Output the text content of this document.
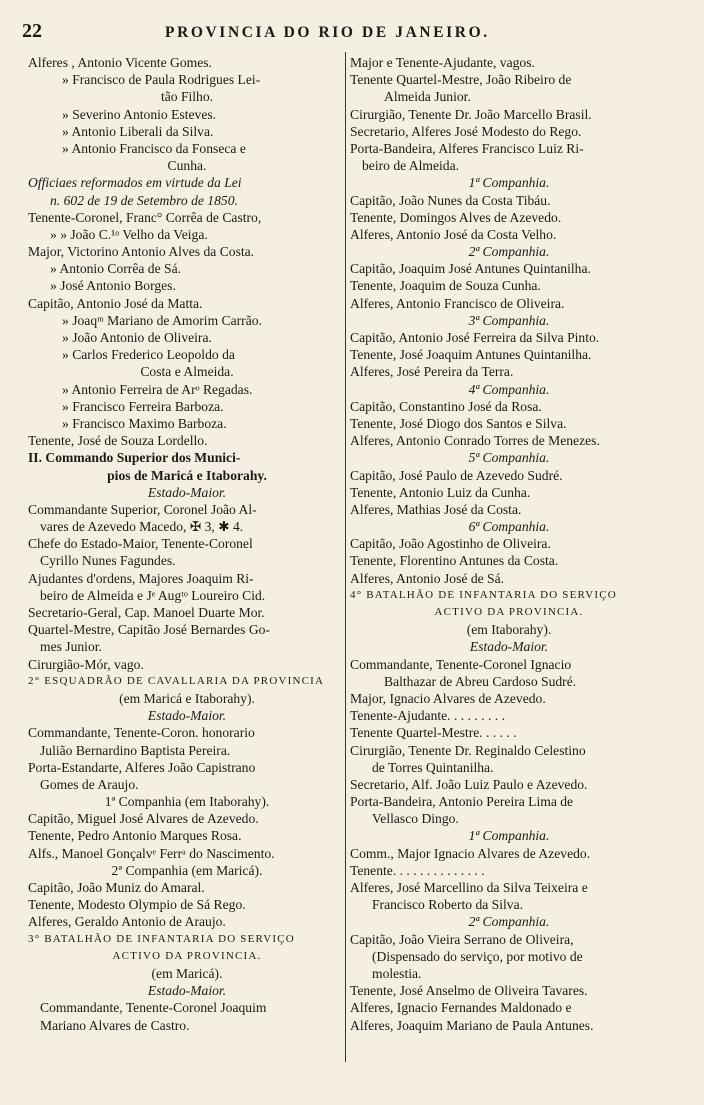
22	PROVINCIA DO RIO DE JANEIRO.
Alferes , Antonio Vicente Gomes.
» Francisco de Paula Rodrigues Lei-
tão Filho.
» Severino Antonio Esteves.
» Antonio Liberali da Silva.
» Antonio Francisco da Fonseca e
Cunha.
Officiaes reformados em virtude da Lei
n. 602 de 19 de Setembro de 1850.
Tenente-Coronel, Franc° Corrêa de Castro,
» » João C.¹ᵒ Velho da Veiga.
Major, Victorino Antonio Alves da Costa.
» Antonio Corrêa de Sá.
» José Antonio Borges.
Capitão, Antonio José da Matta.
» Joaqᵐ Mariano de Amorim Carrão.
» João Antonio de Oliveira.
» Carlos Frederico Leopoldo da
Costa e Almeida.
» Antonio Ferreira de Arᵒ Regadas.
» Francisco Ferreira Barboza.
» Francisco Maximo Barboza.
Tenente, José de Souza Lordello.
II. Commando Superior dos Munici-
pios de Maricá e Itaborahy.
Estado-Maior.
Commandante Superior, Coronel João Al-
vares de Azevedo Macedo, ✠ 3, ✱ 4.
Chefe do Estado-Maior, Tenente-Coronel
Cyrillo Nunes Fagundes.
Ajudantes d'ordens, Majores Joaquim Ri-
beiro de Almeida e Jᵉ Augᵗᵒ Loureiro Cid.
Secretario-Geral, Cap. Manoel Duarte Mor.
Quartel-Mestre, Capitão José Bernardes Go-
mes Junior.
Cirurgião-Mór, vago.
2° ESQUADRÃO DE CAVALLARIA DA PROVINCIA
(em Maricá e Itaborahy).
Estado-Maior.
Commandante, Tenente-Coron. honorario
Julião Bernardino Baptista Pereira.
Porta-Estandarte, Alferes João Capistrano
Gomes de Araujo.
1ª Companhia (em Itaborahy).
Capitão, Miguel José Alvares de Azevedo.
Tenente, Pedro Antonio Marques Rosa.
Alfs., Manoel Gonçalvᵉ Ferrᵃ do Nascimento.
2ª Companhia (em Maricá).
Capitão, João Muniz do Amaral.
Tenente, Modesto Olympio de Sá Rego.
Alferes, Geraldo Antonio de Araujo.
3° BATALHÃO DE INFANTARIA DO SERVIÇO
ACTIVO DA PROVINCIA.
(em Maricá).
Estado-Maior.
Commandante, Tenente-Coronel Joaquim
Mariano Alvares de Castro.
Major e Tenente-Ajudante, vagos.
Tenente Quartel-Mestre, João Ribeiro de
Almeida Junior.
Cirurgião, Tenente Dr. João Marcello Brasil.
Secretario, Alferes José Modesto do Rego.
Porta-Bandeira, Alferes Francisco Luiz Ri-
beiro de Almeida.
1ª Companhia.
Capitão, João Nunes da Costa Tibáu.
Tenente, Domingos Alves de Azevedo.
Alferes, Antonio José da Costa Velho.
2ª Companhia.
Capitão, Joaquim José Antunes Quintanilha.
Tenente, Joaquim de Souza Cunha.
Alferes, Antonio Francisco de Oliveira.
3ª Companhia.
Capitão, Antonio José Ferreira da Silva Pinto.
Tenente, José Joaquim Antunes Quintanilha.
Alferes, José Pereira da Terra.
4ª Companhia.
Capitão, Constantino José da Rosa.
Tenente, José Diogo dos Santos e Silva.
Alferes, Antonio Conrado Torres de Menezes.
5ª Companhia.
Capitão, José Paulo de Azevedo Sudré.
Tenente, Antonio Luiz da Cunha.
Alferes, Mathias José da Costa.
6ª Companhia.
Capitão, João Agostinho de Oliveira.
Tenente, Florentino Antunes da Costa.
Alferes, Antonio José de Sá.
4° BATALHÃO DE INFANTARIA DO SERVIÇO
ACTIVO DA PROVINCIA.
(em Itaborahy).
Estado-Maior.
Commandante, Tenente-Coronel Ignacio
Balthazar de Abreu Cardoso Sudré.
Major, Ignacio Alvares de Azevedo.
Tenente-Ajudante. . . . . . . . .
Tenente Quartel-Mestre. . . . . .
Cirurgião, Tenente Dr. Reginaldo Celestino
de Torres Quintanilha.
Secretario, Alf. João Luiz Paulo e Azevedo.
Porta-Bandeira, Antonio Pereira Lima de
Vellasco Dingo.
1ª Companhia.
Comm., Major Ignacio Alvares de Azevedo.
Tenente. . . . . . . . . . . . . .
Alferes, José Marcellino da Silva Teixeira e
Francisco Roberto da Silva.
2ª Companhia.
Capitão, João Vieira Serrano de Oliveira,
(Dispensado do serviço, por motivo de
molestia.
Tenente, José Anselmo de Oliveira Tavares.
Alferes, Ignacio Fernandes Maldonado e
Alferes, Joaquim Mariano de Paula Antunes.
